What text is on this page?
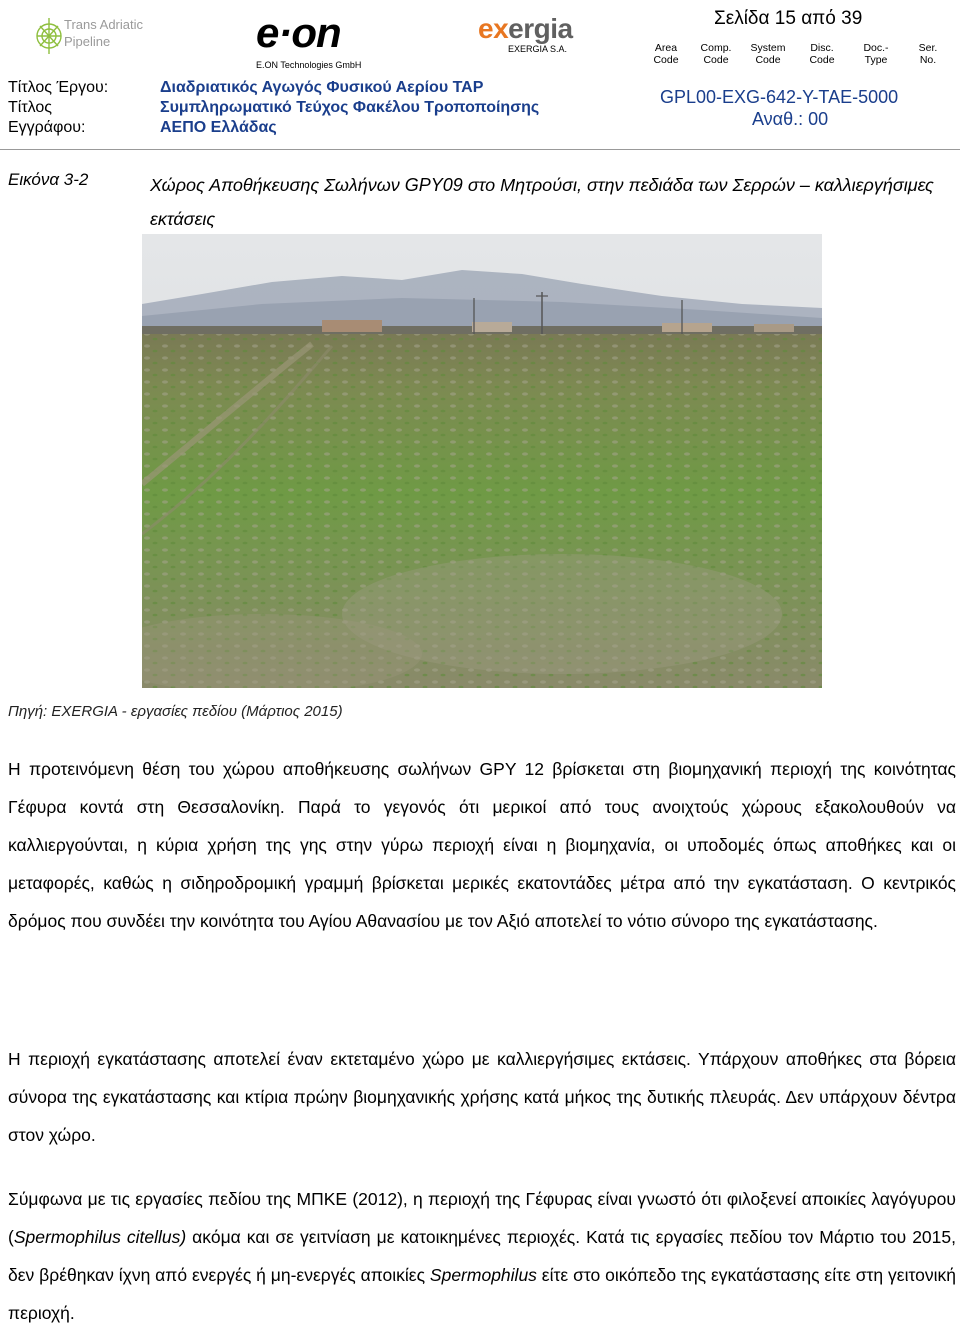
Trans Adriatic
Pipeline	e·on
E.ON Technologies GmbH
exergia
EXERGIA S.A.
Σελίδα 15 από 39
Area
Code
Comp.
Code
System
Code
Disc.
Code
Doc.-
Type
Ser.
No.
Τίτλος Έργου:
Τίτλος
Εγγράφου:
Διαδριατικός Αγωγός Φυσικού Αερίου TAP
Συμπληρωματικό Τεύχος Φακέλου Τροποποίησης
ΑΕΠΟ Ελλάδας
GPL00-EXG-642-Y-TAE-5000
Αναθ.: 00
Εικόνα 3-2	Χώρος Αποθήκευσης Σωλήνων GPY09 στο Μητρούσι, στην πεδιάδα των Σερρών – καλλιεργήσιμες εκτάσεις
Πηγή: EXERGIA - εργασίες πεδίου (Μάρτιος 2015)
Η προτεινόμενη θέση του χώρου αποθήκευσης σωλήνων GPY 12 βρίσκεται στη βιομηχανική περιοχή της κοινότητας Γέφυρα κοντά στη Θεσσαλονίκη. Παρά το γεγονός ότι μερικοί από τους ανοιχτούς χώρους εξακολουθούν να καλλιεργούνται, η κύρια χρήση της γης στην γύρω περιοχή είναι η βιομηχανία, οι υποδομές όπως αποθήκες και οι μεταφορές, καθώς η σιδηροδρομική γραμμή βρίσκεται μερικές εκατοντάδες μέτρα από την εγκατάσταση. Ο κεντρικός δρόμος που συνδέει την κοινότητα του Αγίου Αθανασίου με τον Αξιό αποτελεί το νότιο σύνορο της εγκατάστασης.
Η περιοχή εγκατάστασης αποτελεί έναν εκτεταμένο χώρο με καλλιεργήσιμες εκτάσεις. Υπάρχουν αποθήκες στα βόρεια σύνορα της εγκατάστασης και κτίρια πρώην βιομηχανικής χρήσης κατά μήκος της δυτικής πλευράς. Δεν υπάρχουν δέντρα στον χώρο.
Σύμφωνα με τις εργασίες πεδίου της ΜΠΚΕ (2012), η περιοχή της Γέφυρας είναι γνωστό ότι φιλοξενεί αποικίες λαγόγυρου (Spermophilus citellus) ακόμα και σε γειτνίαση με κατοικημένες περιοχές. Κατά τις εργασίες πεδίου τον Μάρτιο του 2015, δεν βρέθηκαν ίχνη από ενεργές ή μη-ενεργές αποικίες Spermophilus είτε στο οικόπεδο της εγκατάστασης είτε στη γειτονική περιοχή.
